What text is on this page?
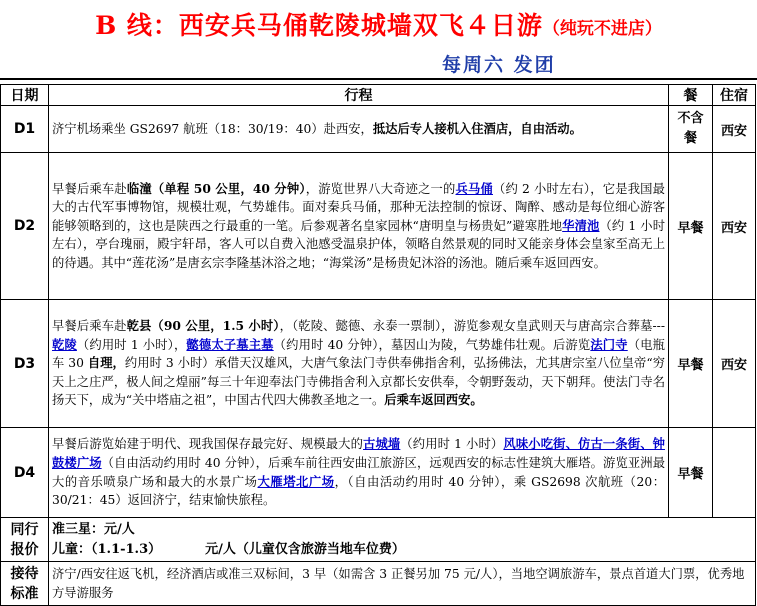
B 线：西安兵马俑乾陵城墙双飞４日游（纯玩不进店）
每周六 发团
日期	行程	餐	住宿
D1	济宁机场乘坐 GS2697 航班（18：30/19：40）赴西安，抵达后专人接机入住酒店，自由活动。	不含餐	西安
D2	早餐后乘车赴临潼（单程 50 公里，40 分钟），游览世界八大奇迹之一的兵马俑（约 2 小时左右），它是我国最大的古代军事博物馆，规模壮观，气势雄伟。面对秦兵马俑，那种无法控制的惊讶、陶醉、感动是每位细心游客能够领略到的，这也是陕西之行最重的一笔。后参观著名皇家园林“唐明皇与杨贵妃”避寒胜地华清池（约 1 小时左右），亭台瑰丽，殿宇轩昂，客人可以自费入池感受温泉护体，领略自然景观的同时又能亲身体会皇家至高无上的待遇。其中“莲花汤”是唐玄宗李隆基沐浴之地；“海棠汤”是杨贵妃沐浴的汤池。随后乘车返回西安。	早餐	西安
D3	早餐后乘车赴乾县（90 公里，1.5 小时），（乾陵、懿德、永泰一票制），游览参观女皇武则天与唐高宗合葬墓---乾陵（约用时 1 小时），懿德太子墓主墓（约用时 40 分钟），墓因山为陵，气势雄伟壮观。后游览法门寺（电瓶车 30 自理，约用时 3 小时）承借天汉雄风，大唐气象法门寺供奉佛指舍利，弘扬佛法，尤其唐宗室八位皇帝“穷天上之庄严，极人间之煌丽”每三十年迎奉法门寺佛指舍利入京都长安供奉，令朝野轰动，天下朝拜。使法门寺名扬天下，成为“关中塔庙之祖”，中国古代四大佛教圣地之一。后乘车返回西安。	早餐	西安
D4	早餐后游览始建于明代、现我国保存最完好、规模最大的古城墙（约用时 1 小时）风味小吃街、仿古一条街、钟鼓楼广场（自由活动约用时 40 分钟），后乘车前往西安曲江旅游区，远观西安的标志性建筑大雁塔。游览亚洲最大的音乐喷泉广场和最大的水景广场大雁塔北广场，（自由活动约用时 40 分钟），乘 GS2698 次航班（20：30/21：45）返回济宁，结束愉快旅程。	早餐	
同行报价	准三星：元/人
儿童：（1.1-1.3） 元/人（儿童仅含旅游当地车位费）		

接待标准	济宁/西安往返飞机，经济酒店或准三双标间，3 早（如需含 3 正餐另加 75 元/人），当地空调旅游车，景点首道大门票，优秀地方导游服务		
